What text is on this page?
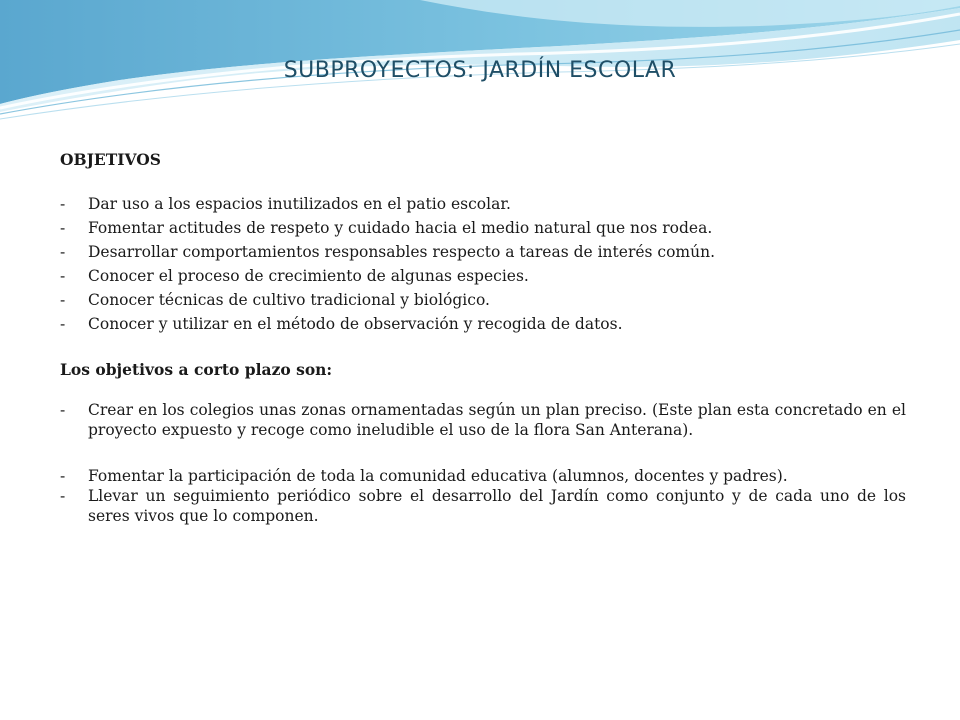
SUBPROYECTOS: JARDÍN ESCOLAR
OBJETIVOS
- Dar uso a los espacios inutilizados en el patio escolar.
- Fomentar actitudes de respeto y cuidado hacia el medio natural que nos rodea.
- Desarrollar comportamientos responsables respecto a tareas de interés común.
- Conocer el proceso de crecimiento de algunas especies.
- Conocer técnicas de cultivo tradicional y biológico.
- Conocer y utilizar en el método de observación y recogida de datos.
Los objetivos a corto plazo son:
- Crear en los colegios unas zonas ornamentadas según un plan preciso. (Este plan esta concretado en el proyecto expuesto y recoge como ineludible el uso de la flora San Anterana).
- Fomentar la participación de toda la comunidad educativa (alumnos, docentes y padres).
- Llevar un seguimiento periódico sobre el desarrollo del Jardín como conjunto y de cada uno de los seres vivos que lo componen.
